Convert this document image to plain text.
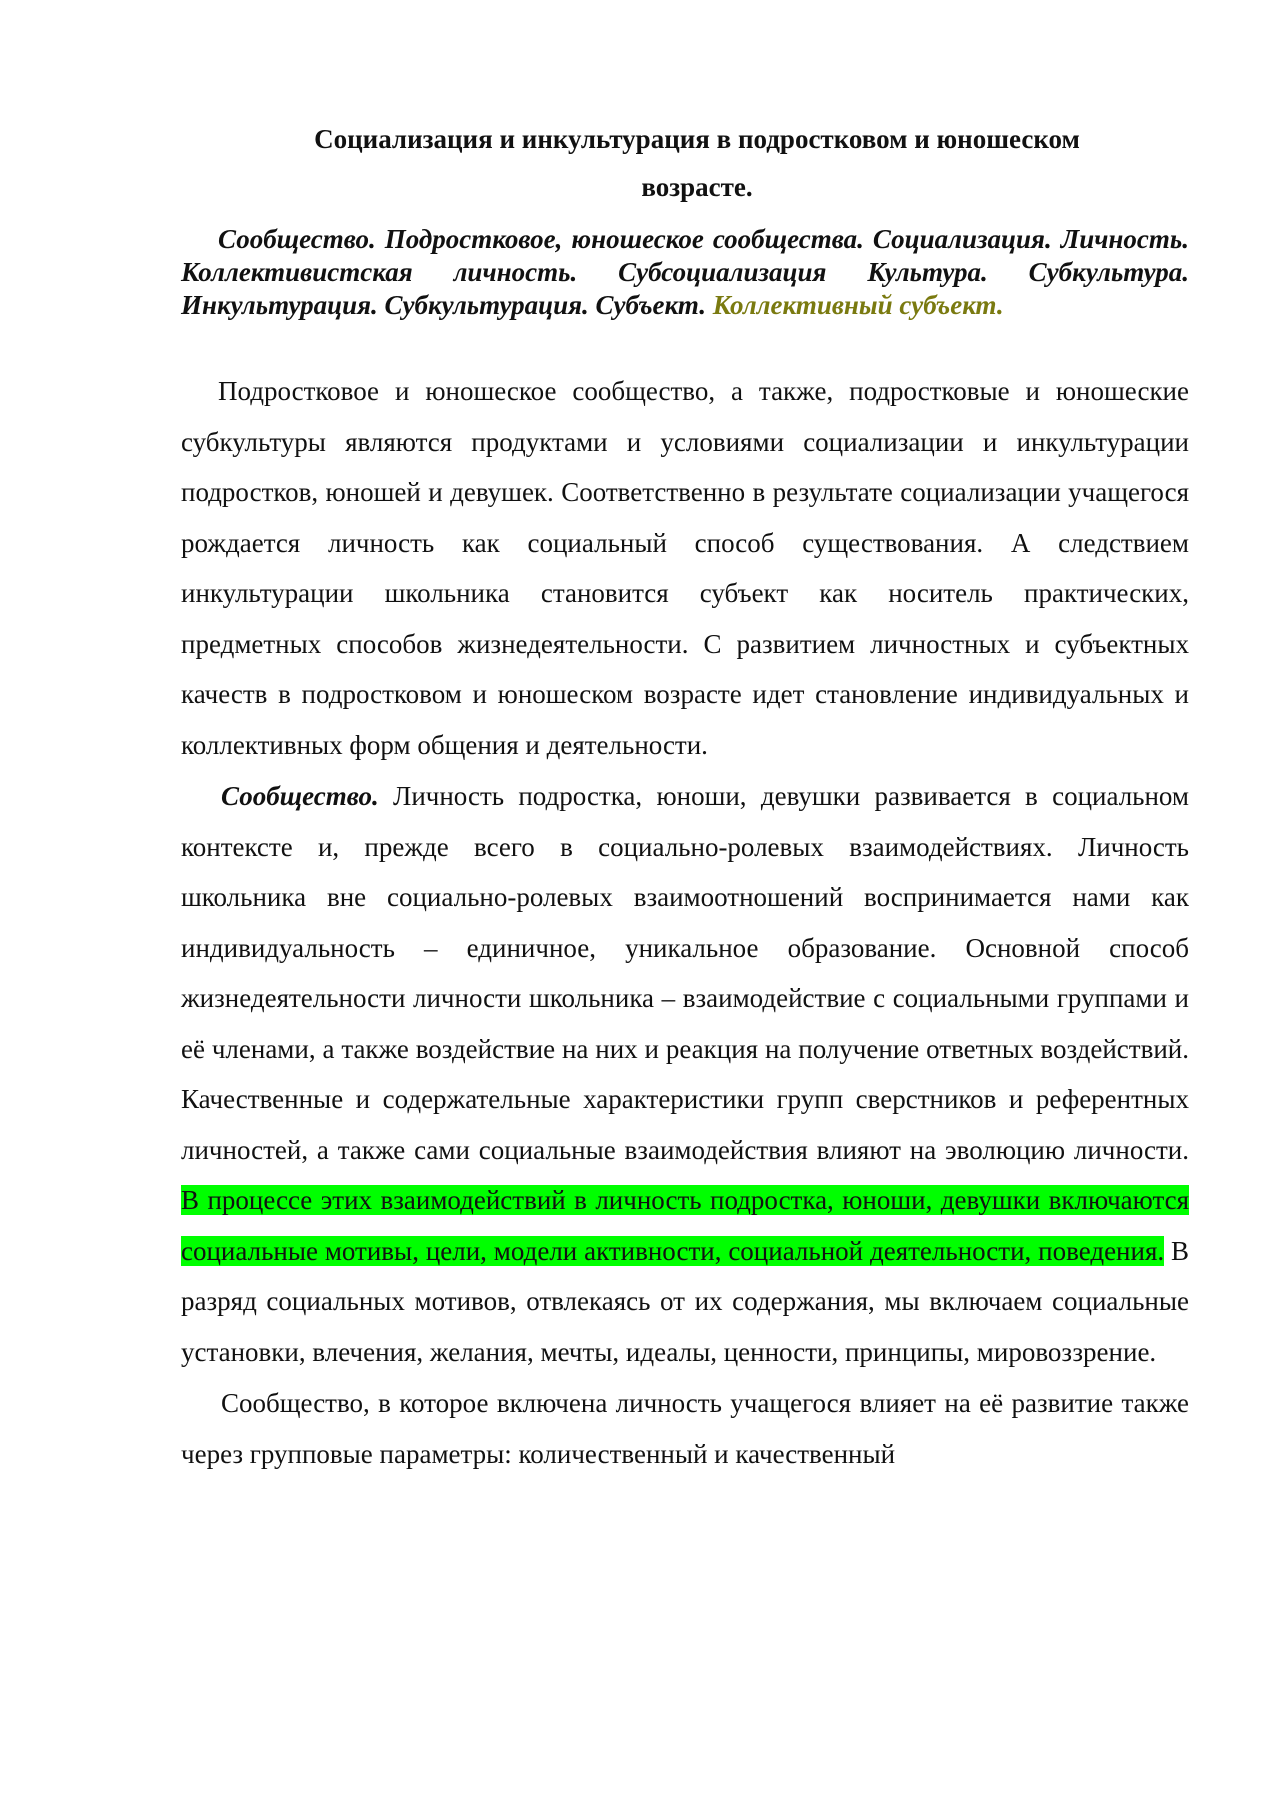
Социализация и инкультурация в подростковом и юношеском возрасте.
Сообщество. Подростковое, юношеское сообщества. Социализация. Личность. Коллективистская личность. Субсоциализация Культура. Субкультура. Инкультурация. Субкультурация. Субъект. Коллективный субъект.

Подростковое и юношеское сообщество, а также, подростковые и юношеские субкультуры являются продуктами и условиями социализации и инкультурации подростков, юношей и девушек. Соответственно в результате социализации учащегося рождается личность как социальный способ существования. А следствием инкультурации школьника становится субъект как носитель практических, предметных способов жизнедеятельности. С развитием личностных и субъектных качеств в подростковом и юношеском возрасте идет становление индивидуальных и коллективных форм общения и деятельности.

Сообщество. Личность подростка, юноши, девушки развивается в социальном контексте и, прежде всего в социально-ролевых взаимодействиях. Личность школьника вне социально-ролевых взаимоотношений воспринимается нами как индивидуальность – единичное, уникальное образование. Основной способ жизнедеятельности личности школьника – взаимодействие с социальными группами и её членами, а также воздействие на них и реакция на получение ответных воздействий. Качественные и содержательные характеристики групп сверстников и референтных личностей, а также сами социальные взаимодействия влияют на эволюцию личности. В процессе этих взаимодействий в личность подростка, юноши, девушки включаются социальные мотивы, цели, модели активности, социальной деятельности, поведения. В разряд социальных мотивов, отвлекаясь от их содержания, мы включаем социальные установки, влечения, желания, мечты, идеалы, ценности, принципы, мировоззрение.

Сообщество, в которое включена личность учащегося влияет на её развитие также через групповые параметры: количественный и качественный
